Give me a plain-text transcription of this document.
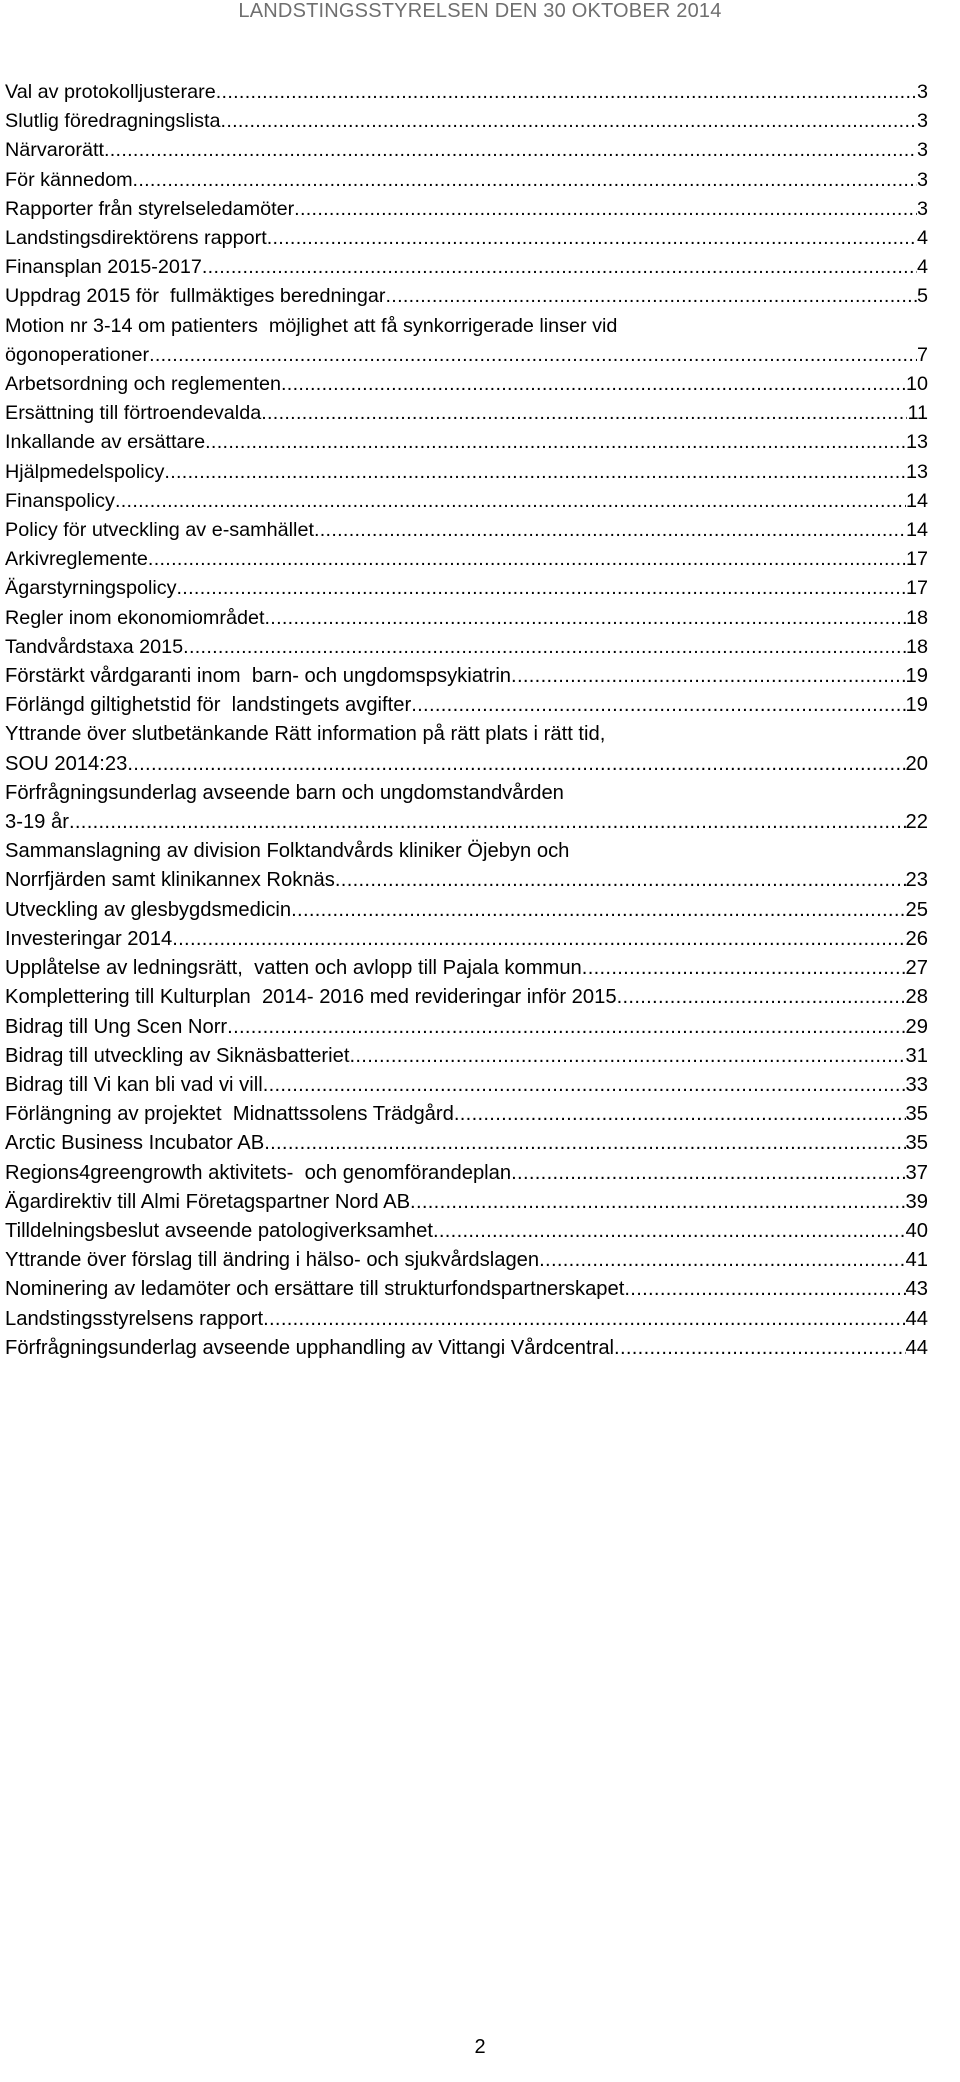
LANDSTINGSSTYRELSEN DEN 30 OKTOBER 2014
Val av protokolljusterare .....	3
Slutlig föredragningslista .....	3
Närvarorätt .....	3
För kännedom .....	3
Rapporter från styrelseledamöter .....	3
Landstingsdirektörens rapport .....	4
Finansplan 2015-2017 .....	4
Uppdrag 2015 för  fullmäktiges beredningar .....	5
Motion nr 3-14 om patienters  möjlighet att få synkorrigerade linser vid
ögonoperationer .....	7
Arbetsordning och reglementen .....	10
Ersättning till förtroendevalda .....	11
Inkallande av ersättare .....	13
Hjälpmedelspolicy .....	13
Finanspolicy .....	14
Policy för utveckling av e-samhället .....	14
Arkivreglemente .....	17
Ägarstyrningspolicy .....	17
Regler inom ekonomiområdet .....	18
Tandvårdstaxa 2015 .....	18
Förstärkt vårdgaranti inom  barn- och ungdomspsykiatrin .....	19
Förlängd giltighetstid för  landstingets avgifter .....	19
Yttrande över slutbetänkande Rätt information på rätt plats i rätt tid,
SOU 2014:23 .....	20
Förfrågningsunderlag avseende barn och ungdomstandvården
3-19 år .....	22
Sammanslagning av division Folktandvårds kliniker Öjebyn och
Norrfjärden samt klinikannex Roknäs .....	23
Utveckling av glesbygdsmedicin .....	25
Investeringar 2014 .....	26
Upplåtelse av ledningsrätt,  vatten och avlopp till Pajala kommun .....	27
Komplettering till Kulturplan  2014- 2016 med revideringar inför 2015 .....	28
Bidrag till Ung Scen Norr .....	29
Bidrag till utveckling av Siknäsbatteriet .....	31
Bidrag till Vi kan bli vad vi vill .....	33
Förlängning av projektet  Midnattssolens Trädgård .....	35
Arctic Business Incubator AB .....	35
Regions4greengrowth aktivitets-  och genomförandeplan .....	37
Ägardirektiv till Almi Företagspartner Nord AB .....	39
Tilldelningsbeslut avseende patologiverksamhet .....	40
Yttrande över förslag till ändring i hälso- och sjukvårdslagen .....	41
Nominering av ledamöter och ersättare till strukturfondspartnerskapet .....	43
Landstingsstyrelsens rapport .....	44
Förfrågningsunderlag avseende upphandling av Vittangi Vårdcentral .....	44
2
